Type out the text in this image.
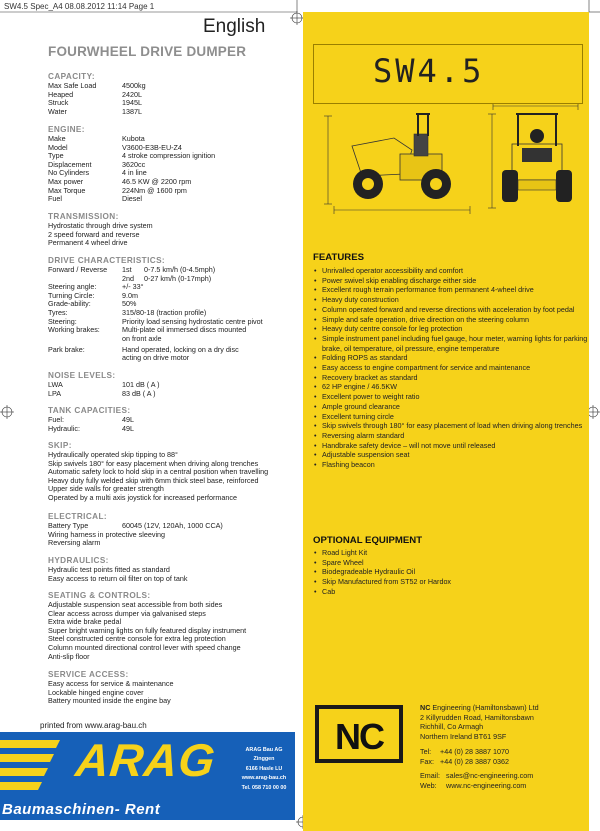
SW4.5 Spec_A4 08.08.2012 11:14 Page 1
English
FOURWHEEL DRIVE DUMPER
CAPACITY:
Max Safe Load	4500kg
Heaped	2420L
Struck	1945L
Water	1387L
ENGINE:
Make	Kubota
Model	V3600-E3B-EU-Z4
Type	4 stroke compression ignition
Displacement	3620cc
No Cylinders	4 in line
Max power	46.5 KW @ 2200 rpm
Max Torque	224Nm @ 1600 rpm
Fuel	Diesel
TRANSMISSION:
Hydrostatic through drive system
2 speed forward and reverse
Permanent 4 wheel drive
DRIVE CHARACTERISTICS:
Forward / Reverse 1st 0-7.5 km/h (0-4.5mph)
2nd 0-27 km/h (0-17mph)
Steering angle:	+/- 33°
Turning Circle:	9.0m
Grade-ability:	50%
Tyres:	315/80-18 (traction profile)
Steering:	Priority load sensing hydrostatic centre pivot
Working brakes:	Multi-plate oil immersed discs mounted
on front axle
Park brake:	Hand operated, locking on a dry disc
acting on drive motor
NOISE LEVELS:
LWA	101 dB ( A )
LPA	83 dB ( A )
TANK CAPACITIES:
Fuel:	49L
Hydraulic:	49L
SKIP:
Hydraulically operated skip tipping to 88°
Skip swivels 180° for easy placement when driving along trenches
Automatic safety lock to hold skip in a central position when travelling
Heavy duty fully welded skip with 6mm thick steel base, reinforced
Upper side walls for greater strength
Operated by a multi axis joystick for increased performance
ELECTRICAL:
Battery Type	60045 (12V, 120Ah, 1000 CCA)
Wiring harness in protective sleeving
Reversing alarm
HYDRAULICS:
Hydraulic test points fitted as standard
Easy access to return oil filter on top of tank
SEATING & CONTROLS:
Adjustable suspension seat accessible from both sides
Clear access across dumper via galvanised steps
Extra wide brake pedal
Super bright warning lights on fully featured display instrument
Steel constructed centre console for extra leg protection
Column mounted directional control lever with speed change
Anti-slip floor
SERVICE ACCESS:
Easy access for service & maintenance
Lockable hinged engine cover
Battery mounted inside the engine bay
SW4.5
FEATURES
• Unrivalled operator accessibility and comfort
• Power swivel skip enabling discharge either side
• Excellent rough terrain performance from permanent 4-wheel drive
• Heavy duty construction
• Column operated forward and reverse directions with acceleration by foot pedal
• Simple and safe operation, drive direction on the steering column
• Heavy duty centre console for leg protection
• Simple instrument panel including fuel gauge, hour meter, warning lights for parking brake, oil temperature, oil pressure, engine temperature
• Folding ROPS as standard
• Easy access to engine compartment for service and maintenance
• Recovery bracket as standard
• 62 HP engine / 46.5KW
• Excellent power to weight ratio
• Ample ground clearance
• Excellent turning circle
• Skip swivels through 180° for easy placement of load when driving along trenches
• Reversing alarm standard
• Handbrake safety device – will not move until released
• Adjustable suspension seat
• Flashing beacon
OPTIONAL EQUIPMENT
• Road Light Kit
• Spare Wheel
• Biodegradeable Hydraulic Oil
• Skip Manufactured from ST52 or Hardox
• Cab
NC
NC Engineering (Hamiltonsbawn) Ltd
2 Killyrudden Road, Hamiltonsbawn
Richhill, Co Armagh
Northern Ireland BT61 9SF
Tel: +44 (0) 28 3887 1070
Fax: +44 (0) 28 3887 0362
Email: sales@nc-engineering.com
Web: www.nc-engineering.com
printed from www.arag-bau.ch
ARAG
Baumaschinen- Rent
ARAG Bau AG
Zinggen
6166 Hasle LU
www.arag-bau.ch
Tel. 058 710 00 00
